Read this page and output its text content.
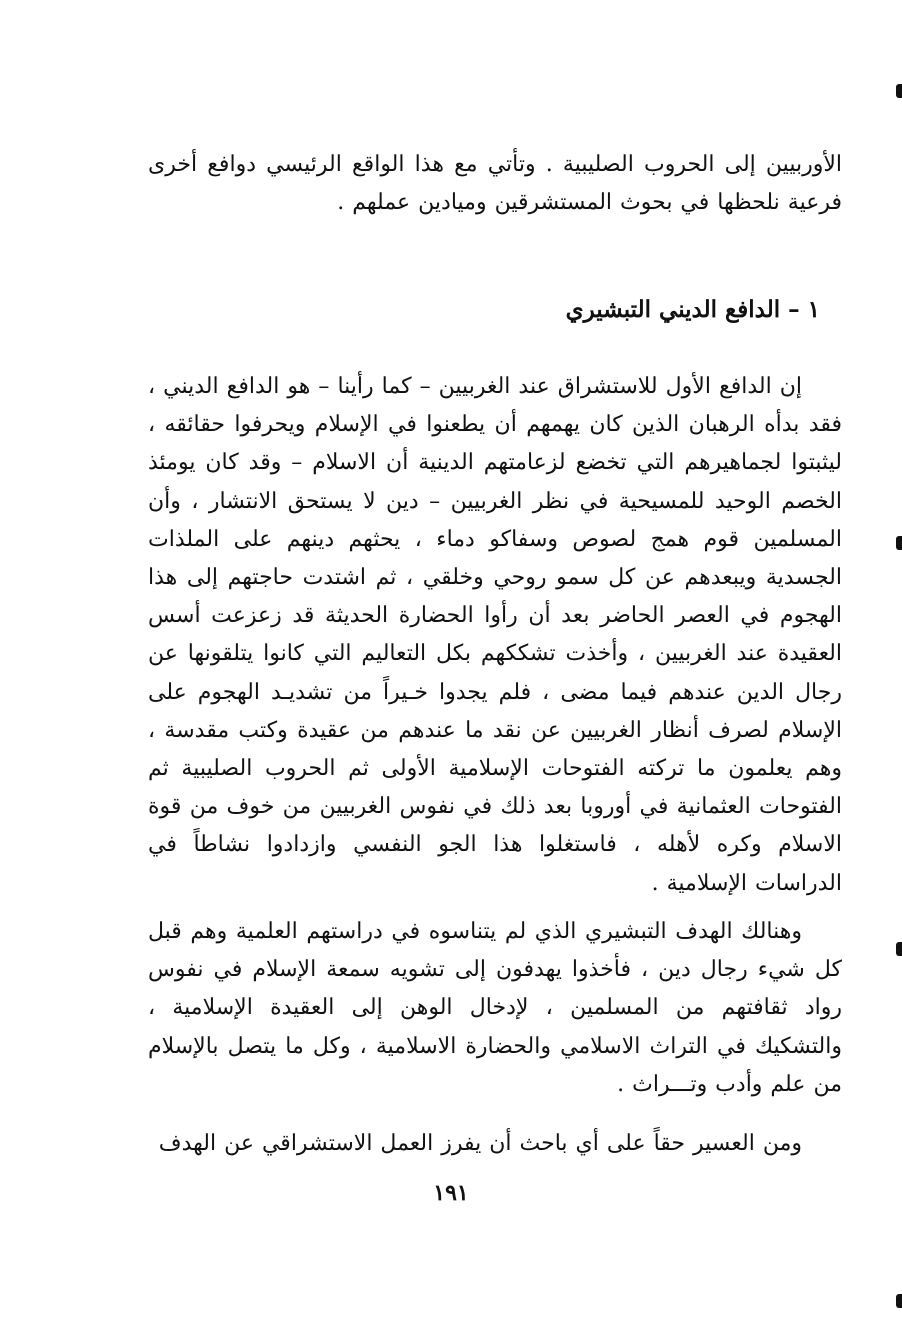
الأوربيين إلى الحروب الصليبية . وتأتي مع هذا الواقع الرئيسي دوافع أخرى فرعية نلحظها في بحوث المستشرقين وميادين عملهم .

١ – الدافع الديني التبشيري

إن الدافع الأول للاستشراق عند الغربيين – كما رأينا – هو الدافع الديني ، فقد بدأه الرهبان الذين كان يهمهم أن يطعنوا في الإسلام ويحرفوا حقائقه ، ليثبتوا لجماهيرهم التي تخضع لزعامتهم الدينية أن الاسلام – وقد كان يومئذ الخصم الوحيد للمسيحية في نظر الغربيين – دين لا يستحق الانتشار ، وأن المسلمين قوم همج لصوص وسفاكو دماء ، يحثهم دينهم على الملذات الجسدية ويبعدهم عن كل سمو روحي وخلقي ، ثم اشتدت حاجتهم إلى هذا الهجوم في العصر الحاضر بعد أن رأوا الحضارة الحديثة قد زعزعت أسس العقيدة عند الغربيين ، وأخذت تشككهم بكل التعاليم التي كانوا يتلقونها عن رجال الدين عندهم فيما مضى ، فلم يجدوا خـيراً من تشديـد الهجوم على الإسلام لصرف أنظار الغربيين عن نقد ما عندهم من عقيدة وكتب مقدسة ، وهم يعلمون ما تركته الفتوحات الإسلامية الأولى ثم الحروب الصليبية ثم الفتوحات العثمانية في أوروبا بعد ذلك في نفوس الغربيين من خوف من قوة الاسلام وكره لأهله ، فاستغلوا هذا الجو النفسي وازدادوا نشاطاً في الدراسات الإسلامية .

وهنالك الهدف التبشيري الذي لم يتناسوه في دراستهم العلمية وهم قبل كل شيء رجال دين ، فأخذوا يهدفون إلى تشويه سمعة الإسلام في نفوس رواد ثقافتهم من المسلمين ، لإدخال الوهن إلى العقيدة الإسلامية ، والتشكيك في التراث الاسلامي والحضارة الاسلامية ، وكل ما يتصل بالإسلام من علم وأدب وتـــراث .

ومن العسير حقاً على أي باحث أن يفرز العمل الاستشراقي عن الهدف

١٩١
